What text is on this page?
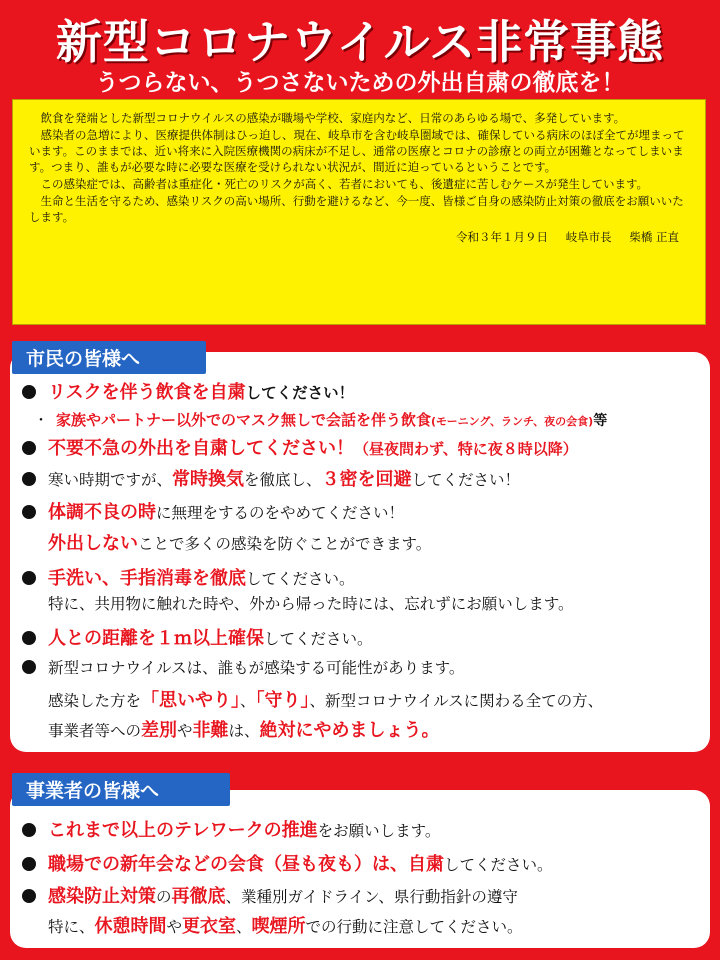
新型コロナウイルス非常事態
うつらない、うつさないための外出自粛の徹底を！

飲食を発端とした新型コロナウイルスの感染が職場や学校、家庭内など、日常のあらゆる場で、多発しています。

感染者の急増により、医療提供体制はひっ迫し、現在、岐阜市を含む岐阜圏域では、確保している病床のほぼ全てが埋まっています。このままでは、近い将来に入院医療機関の病床が不足し、通常の医療とコロナの診療との両立が困難となってしまいます。つまり、誰もが必要な時に必要な医療を受けられない状況が、間近に迫っているということです。

この感染症では、高齢者は重症化・死亡のリスクが高く、若者においても、後遺症に苦しむケースが発生しています。

生命と生活を守るため、感染リスクの高い場所、行動を避けるなど、今一度、皆様ご自身の感染防止対策の徹底をお願いいたします。

令和３年１月９日 岐阜市長 柴橋 正直
市民の皆様へ
リスクを伴う飲食を自粛してください！
・ 家族やパートナー以外でのマスク無しで会話を伴う飲食(モーニング、ランチ、夜の会食)等
不要不急の外出を自粛してください！（昼夜問わず、特に夜８時以降）
寒い時期ですが、常時換気を徹底し、３密を回避してください！
体調不良の時に無理をするのをやめてください！
外出しないことで多くの感染を防ぐことができます。
手洗い、手指消毒を徹底してください。
特に、共用物に触れた時や、外から帰った時には、忘れずにお願いします。
人との距離を１ｍ以上確保してください。
新型コロナウイルスは、誰もが感染する可能性があります。
感染した方を「思いやり」、「守り」、新型コロナウイルスに関わる全ての方、
事業者等への差別や非難は、絶対にやめましょう。
事業者の皆様へ
これまで以上のテレワークの推進をお願いします。
職場での新年会などの会食（昼も夜も）は、自粛してください。
感染防止対策の再徹底、業種別ガイドライン、県行動指針の遵守
特に、休憩時間や更衣室、喫煙所での行動に注意してください。
